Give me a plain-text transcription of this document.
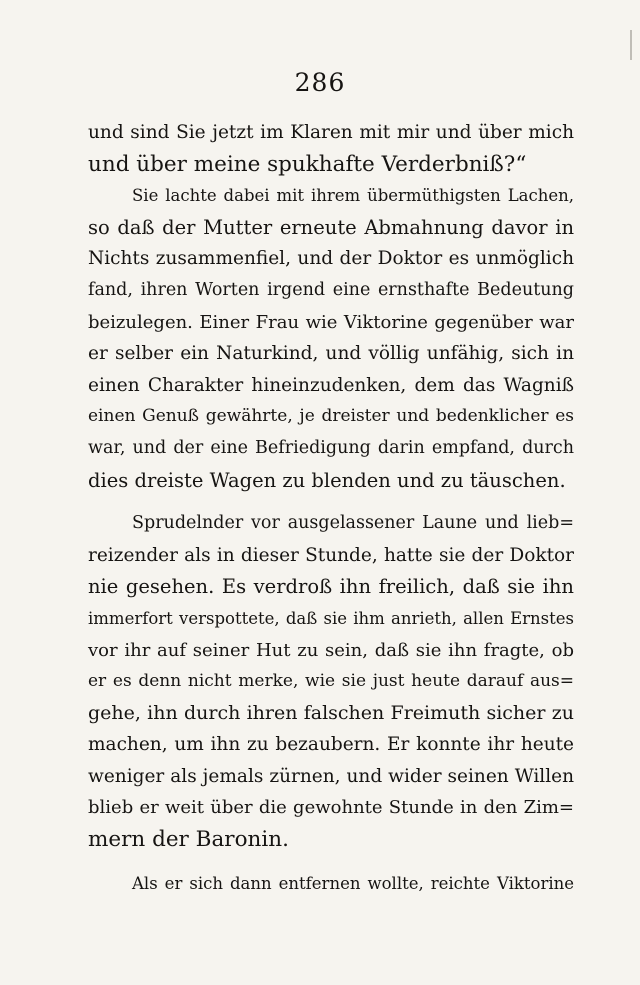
286
und sind Sie jetzt im Klaren mit mir und über mich
und über meine spukhafte Verderbniß?“
Sie lachte dabei mit ihrem übermüthigsten Lachen,
so daß der Mutter erneute Abmahnung davor in
Nichts zusammenfiel, und der Doktor es unmöglich
fand, ihren Worten irgend eine ernsthafte Bedeutung
beizulegen. Einer Frau wie Viktorine gegenüber war
er selber ein Naturkind, und völlig unfähig, sich in
einen Charakter hineinzudenken, dem das Wagniß
einen Genuß gewährte, je dreister und bedenklicher es
war, und der eine Befriedigung darin empfand, durch
dies dreiste Wagen zu blenden und zu täuschen.
Sprudelnder vor ausgelassener Laune und lieb=
reizender als in dieser Stunde, hatte sie der Doktor
nie gesehen. Es verdroß ihn freilich, daß sie ihn
immerfort verspottete, daß sie ihm anrieth, allen Ernstes
vor ihr auf seiner Hut zu sein, daß sie ihn fragte, ob
er es denn nicht merke, wie sie just heute darauf aus=
gehe, ihn durch ihren falschen Freimuth sicher zu
machen, um ihn zu bezaubern. Er konnte ihr heute
weniger als jemals zürnen, und wider seinen Willen
blieb er weit über die gewohnte Stunde in den Zim=
mern der Baronin.
Als er sich dann entfernen wollte, reichte Viktorine
